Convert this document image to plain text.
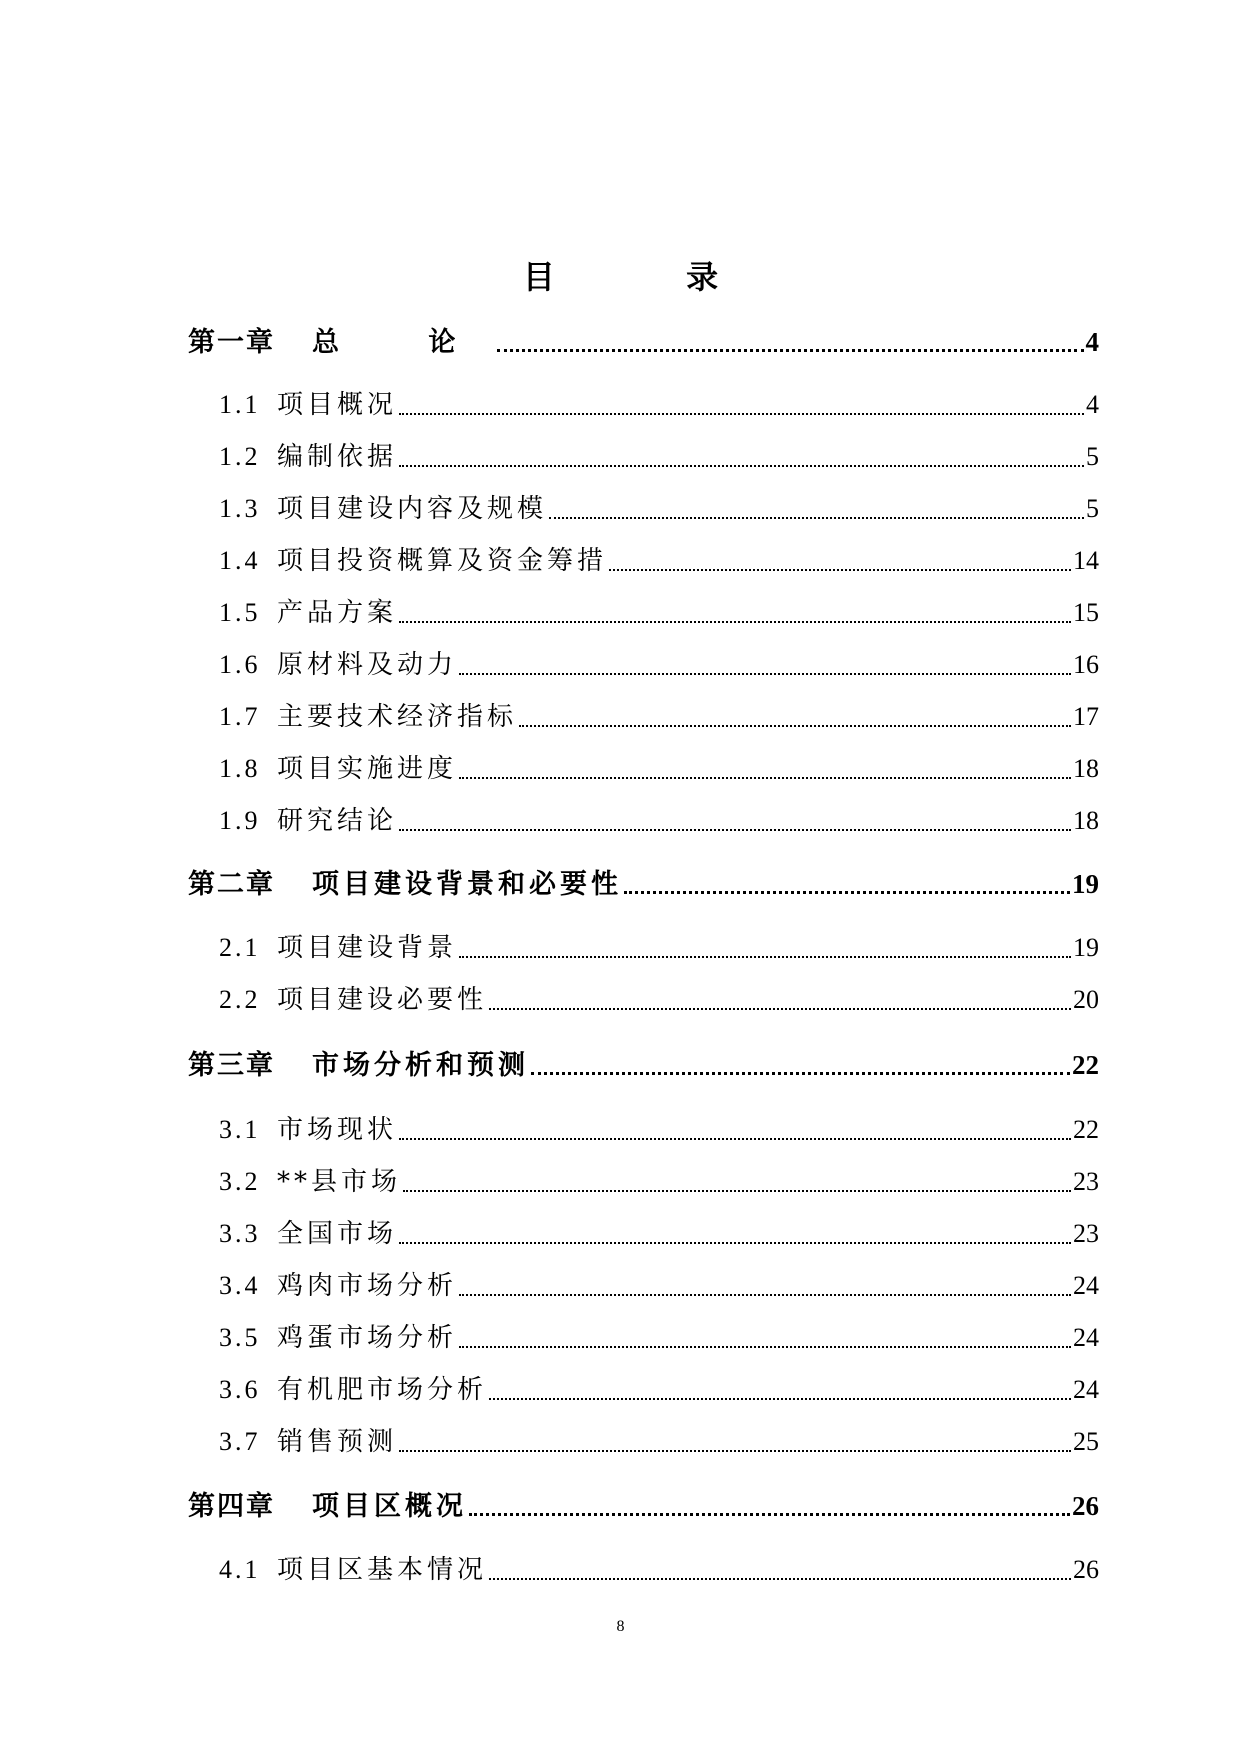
目 录
第一章	总 论	4
1.1 项目概况	4
1.2 编制依据	5
1.3 项目建设内容及规模	5
1.4 项目投资概算及资金筹措	14
1.5 产品方案	15
1.6 原材料及动力	16
1.7 主要技术经济指标	17
1.8 项目实施进度	18
1.9 研究结论	18
第二章	项目建设背景和必要性	19
2.1 项目建设背景	19
2.2 项目建设必要性	20
第三章	市场分析和预测	22
3.1 市场现状	22
3.2 **县市场	23
3.3 全国市场	23
3.4 鸡肉市场分析	24
3.5 鸡蛋市场分析	24
3.6 有机肥市场分析	24
3.7 销售预测	25
第四章	项目区概况	26
4.1 项目区基本情况	26
8
